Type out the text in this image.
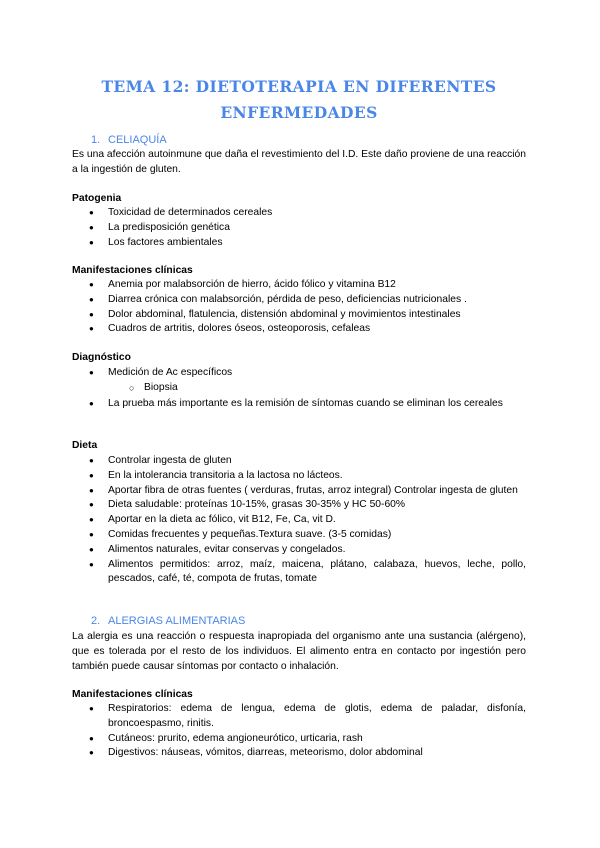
TEMA 12: DIETOTERAPIA EN DIFERENTES
ENFERMEDADES
1. CELIAQUÍA

Es una afección autoinmune que daña el revestimiento del I.D. Este daño proviene de una reacción a la ingestión de gluten.

Patogenia
● Toxicidad de determinados cereales
● La predisposición genética
● Los factores ambientales
Manifestaciones clínicas
● Anemia por malabsorción de hierro, ácido fólico y vitamina B12
● Diarrea crónica con malabsorción, pérdida de peso, deficiencias nutricionales .
● Dolor abdominal, flatulencia, distensión abdominal y movimientos intestinales
● Cuadros de artritis, dolores óseos, osteoporosis, cefaleas
Diagnóstico
● Medición de Ac específicos
○ Biopsia
● La prueba más importante es la remisión de síntomas cuando se eliminan los cereales
Dieta
● Controlar ingesta de gluten
● En la intolerancia transitoria a la lactosa no lácteos.
● Aportar fibra de otras fuentes ( verduras, frutas, arroz integral) Controlar ingesta de gluten
● Dieta saludable: proteínas 10-15%, grasas 30-35% y HC 50-60%
● Aportar en la dieta ac fólico, vit B12, Fe, Ca, vit D.
● Comidas frecuentes y pequeñas.Textura suave. (3-5 comidas)
● Alimentos naturales, evitar conservas y congelados.
● Alimentos permitidos: arroz, maíz, maicena, plátano, calabaza, huevos, leche, pollo, pescados, café, té, compota de frutas, tomate
2. ALERGIAS ALIMENTARIAS

La alergia es una reacción o respuesta inapropiada del organismo ante una sustancia (alérgeno), que es tolerada por el resto de los individuos. El alimento entra en contacto por ingestión pero también puede causar síntomas por contacto o inhalación.

Manifestaciones clínicas
● Respiratorios: edema de lengua, edema de glotis, edema de paladar, disfonía, broncoespasmo, rinitis.
● Cutáneos: prurito, edema angioneurótico, urticaria, rash
● Digestivos: náuseas, vómitos, diarreas, meteorismo, dolor abdominal
